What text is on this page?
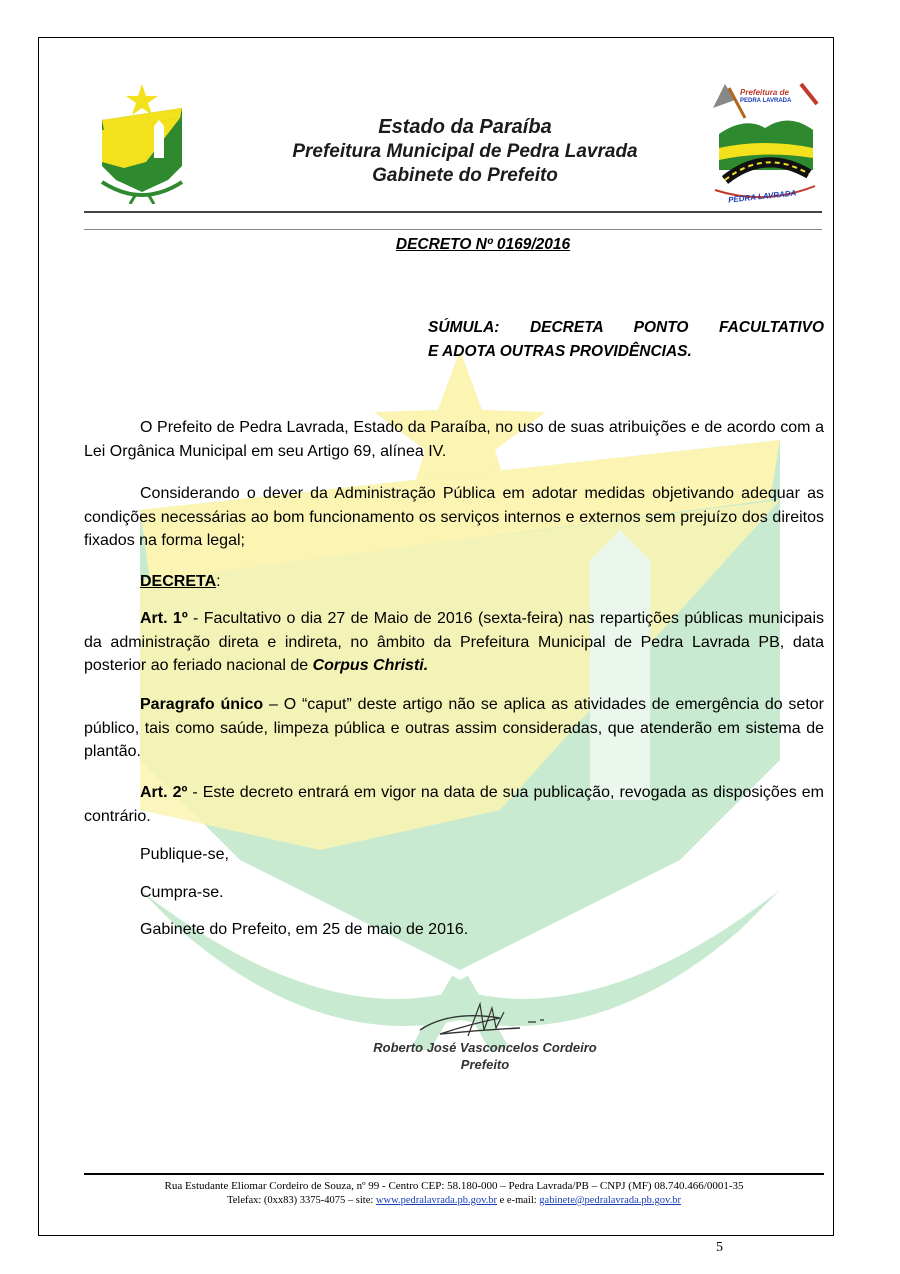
Prefeitura de
PEDRA LAVRADA
PEDRA LAVRADA
Estado da Paraíba
Prefeitura Municipal de Pedra Lavrada
Gabinete do Prefeito
DECRETO Nº 0169/2016
SÚMULA: DECRETA PONTO FACULTATIVO
E ADOTA OUTRAS PROVIDÊNCIAS.
O Prefeito de Pedra Lavrada, Estado da Paraíba, no uso de suas atribuições e de acordo com a Lei Orgânica Municipal em seu Artigo 69, alínea IV.
Considerando o dever da Administração Pública em adotar medidas objetivando adequar as condições necessárias ao bom funcionamento os serviços internos e externos sem prejuízo dos direitos fixados na forma legal;
DECRETA:
Art. 1º - Facultativo o dia 27 de Maio de 2016 (sexta-feira) nas repartições públicas municipais da administração direta e indireta, no âmbito da Prefeitura Municipal de Pedra Lavrada PB, data posterior ao feriado nacional de Corpus Christi.
Paragrafo único – O “caput” deste artigo não se aplica as atividades de emergência do setor público, tais como saúde, limpeza pública e outras assim consideradas, que atenderão em sistema de plantão.
Art. 2º - Este decreto entrará em vigor na data de sua publicação, revogada as disposições em contrário.
Publique-se,
Cumpra-se.
Gabinete do Prefeito, em 25 de maio de 2016.
Roberto José Vasconcelos Cordeiro
Prefeito
Rua Estudante Eliomar Cordeiro de Souza, nº 99 - Centro CEP: 58.180-000 – Pedra Lavrada/PB – CNPJ (MF) 08.740.466/0001-35
Telefax: (0xx83) 3375-4075 – site: www.pedralavrada.pb.gov.br e e-mail: gabinete@pedralavrada.pb.gov.br
5
